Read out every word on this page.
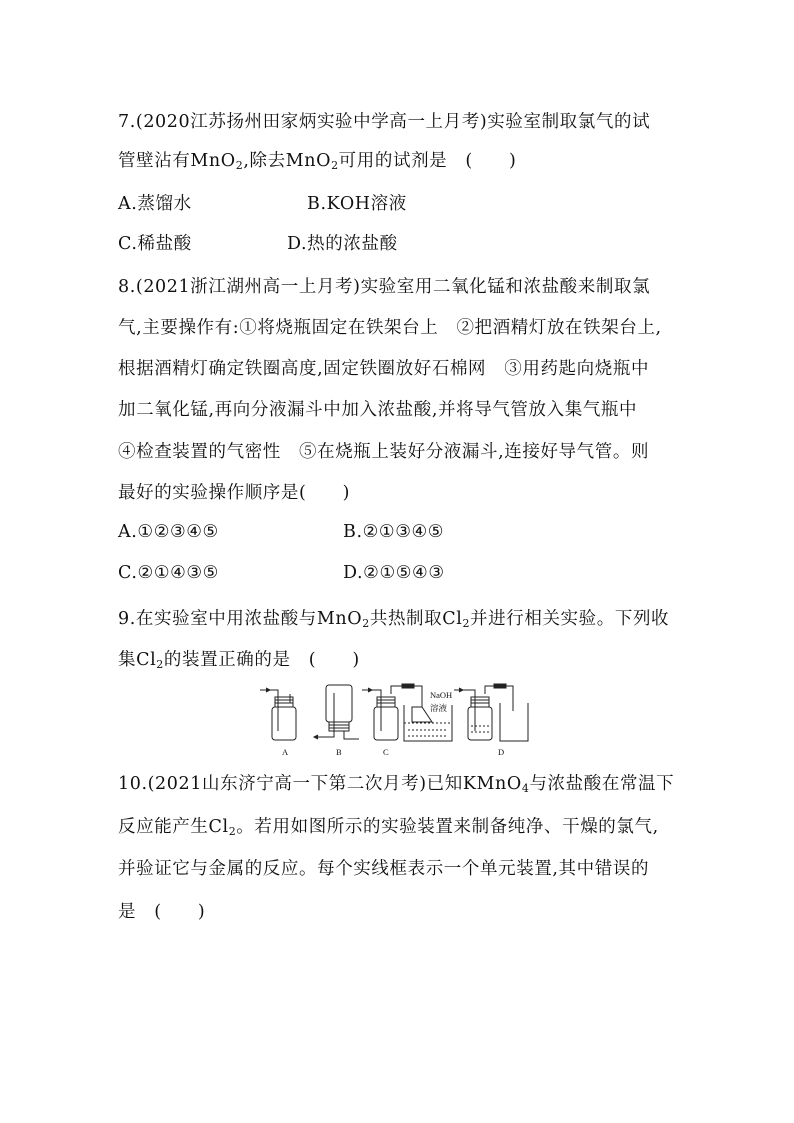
7.(2020江苏扬州田家炳实验中学高一上月考)实验室制取氯气的试
管壁沾有MnO$_2$,除去MnO$_2$可用的试剂是　(　　)
A.蒸馏水	B.KOH溶液
C.稀盐酸	D.热的浓盐酸
8.(2021浙江湖州高一上月考)实验室用二氧化锰和浓盐酸来制取氯
气,主要操作有:①将烧瓶固定在铁架台上　②把酒精灯放在铁架台上,
根据酒精灯确定铁圈高度,固定铁圈放好石棉网　③用药匙向烧瓶中
加二氧化锰,再向分液漏斗中加入浓盐酸,并将导气管放入集气瓶中
④检查装置的气密性　⑤在烧瓶上装好分液漏斗,连接好导气管。则
最好的实验操作顺序是(　　)
A.①②③④⑤	B.②①③④⑤
C.②①④③⑤	D.②①⑤④③
9.在实验室中用浓盐酸与MnO$_2$共热制取$Cl_2$并进行相关实验。下列收
集$Cl_2$的装置正确的是　(　　)
NaOH
溶液
A	B	C	D
10.(2021山东济宁高一下第二次月考)已知KMnO$_4$与浓盐酸在常温下
反应能产生$Cl_2$。若用如图所示的实验装置来制备纯净、干燥的氯气,
并验证它与金属的反应。每个实线框表示一个单元装置,其中错误的
是　(　　)
